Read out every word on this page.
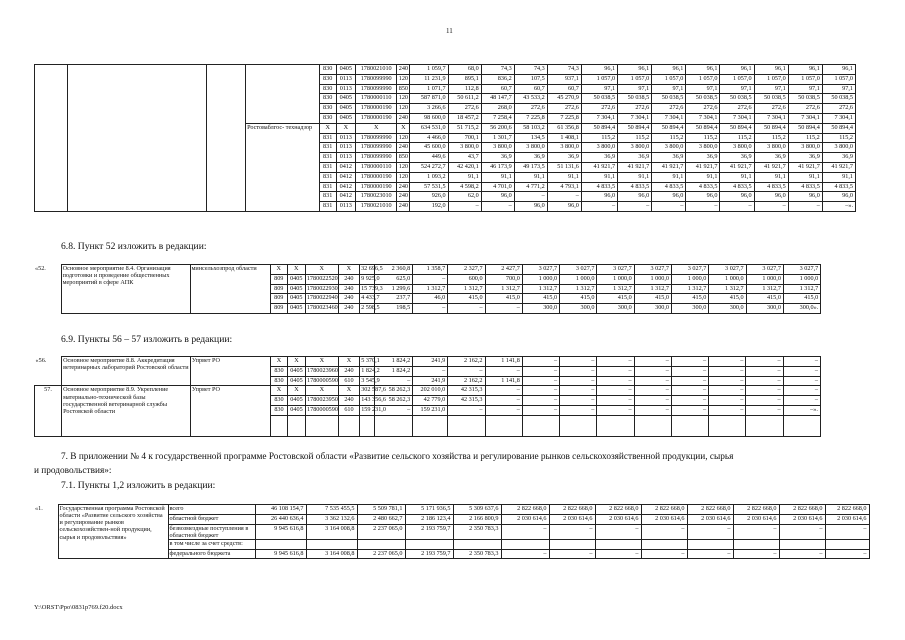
11
				830	0405	1780021010	240	1 059,7	68,0	74,3	74,3	74,3	96,1	96,1	96,1	96,1	96,1	96,1	96,1	96,1
				830	0113	1780099990	120	11 231,9	895,1	836,2	107,5	937,1	1 057,0	1 057,0	1 057,0	1 057,0	1 057,0	1 057,0	1 057,0	1 057,0
				830	0113	1780099990	850	1 071,7	112,8	60,7	60,7	60,7	97,1	97,1	97,1	97,1	97,1	97,1	97,1	97,1
				830	0405	1780000110	120	587 871,0	50 611,2	48 147,7	43 533,2	45 270,9	50 038,5	50 038,5	50 038,5	50 038,5	50 038,5	50 038,5	50 038,5	50 038,5
				830	0405	1780000190	120	3 266,6	272,6	268,0	272,6	272,6	272,6	272,6	272,6	272,6	272,6	272,6	272,6	272,6
				830	0405	1780000190	240	98 600,0	18 457,2	7 258,4	7 225,8	7 225,8	7 304,1	7 304,1	7 304,1	7 304,1	7 304,1	7 304,1	7 304,1	7 304,1
			Ростоваблгос- технадзор	X	X	X	X	634 531,0	51 715,2	56 200,6	58 103,2	61 356,8	50 894,4	50 894,4	50 894,4	50 894,4	50 894,4	50 894,4	50 894,4	50 894,4
				831	0113	1780099990	120	4 466,0	700,1	1 301,7	134,5	1 408,1	115,2	115,2	115,2	115,2	115,2	115,2	115,2	115,2
				831	0113	1780099990	240	45 600,0	3 800,0	3 800,0	3 800,0	3 800,0	3 800,0	3 800,0	3 800,0	3 800,0	3 800,0	3 800,0	3 800,0	3 800,0
				831	0113	1780099990	850	449,6	43,7	36,9	36,9	36,9	36,9	36,9	36,9	36,9	36,9	36,9	36,9	36,9
				831	0412	1780000110	120	524 272,7	42 420,1	46 173,9	49 173,5	51 131,6	41 921,7	41 921,7	41 921,7	41 921,7	41 921,7	41 921,7	41 921,7	41 921,7
				831	0412	1780000190	120	1 093,2	91,1	91,1	91,1	91,1	91,1	91,1	91,1	91,1	91,1	91,1	91,1	91,1
				831	0412	1780000190	240	57 531,5	4 598,2	4 701,0	4 771,2	4 793,1	4 833,5	4 833,5	4 833,5	4 833,5	4 833,5	4 833,5	4 833,5	4 833,5
				831	0412	1780023010	240	926,0	62,0	96,0	–	–	96,0	96,0	96,0	96,0	96,0	96,0	96,0	96,0
				831	0113	1780021010	240	192,0	–	–	96,0	96,0	–	–	–	–	–	–	–	–».
6.8. Пункт 52 изложить в редакции:
«52.	Основное мероприятие 8.4. Организация подготовки и проведение общественных мероприятий в сфере АПК	минсельхозпрод области	X	X	X	X	32 696,5	2 360,8	1 358,7	2 327,7	2 427,7	3 027,7	3 027,7	3 027,7	3 027,7	3 027,7	3 027,7	3 027,7	3 027,7
			809	0405	1780022520	240	9 925,0	625,0	–	600,0	700,0	1 000,0	1 000,0	1 000,0	1 000,0	1 000,0	1 000,0	1 000,0	1 000,0
			809	0405	1780022930	240	15 739,3	1 299,6	1 312,7	1 312,7	1 312,7	1 312,7	1 312,7	1 312,7	1 312,7	1 312,7	1 312,7	1 312,7	1 312,7
			809	0405	1780022940	240	4 433,7	237,7	46,0	415,0	415,0	415,0	415,0	415,0	415,0	415,0	415,0	415,0	415,0
			809	0405	1780023460	240	2 598,5	198,5	–	–	–	300,0	300,0	300,0	300,0	300,0	300,0	300,0	300,0».
6.9. Пункты 56 – 57 изложить в редакции:
«56.	Основное мероприятие 8.8. Аккредитация ветеринарных лабораторий Ростовской области	Упрвет РО	X	X	X	X	5 370,1	1 824,2	241,9	2 162,2	1 141,8	–	–	–	–	–	–	–	–
			830	0405	1780023960	240	1 824,2	1 824,2	–	–	–	–	–	–	–	–	–	–	–
			830	0405	1780000590	610	3 545,9	–	241,9	2 162,2	1 141,8	–	–	–	–	–	–	–	–
57.	Основное мероприятие 8.9. Укрепление материально-технической базы государственной ветеринарной службы Ростовской области	Упрвет РО	X	X	X	X	302 587,6	58 262,3	202 010,0	42 315,3	–	–	–	–	–	–	–	–	–
			830	0405	1780023950	240	143 356,6	58 262,3	42 779,0	42 315,3	–	–	–	–	–	–	–	–	–
			830	0405	1780000590	610	159 231,0	–	159 231,0	–	–	–	–	–	–	–	–	–	–».

7. В приложении № 4 к государственной программе Ростовской области «Развитие сельского хозяйства и регулирование рынков сельскохозяйственной продукции, сырья
и продовольствия»:
7.1. Пункты 1,2 изложить в редакции:
«1.	Государственная программа Ростовской области «Развитие сельского хозяйства и регулирование рынков сельскохозяйствен-ной продукции, сырья и продовольствия»	всего	46 108 154,7	7 535 455,5	5 509 781,1	5 171 936,5	5 309 637,6	2 822 668,0	2 822 668,0	2 822 668,0	2 822 668,0	2 822 668,0	2 822 668,0	2 822 668,0	2 822 668,0
		областной бюджет	26 440 636,4	3 362 132,6	2 480 662,7	2 186 123,4	2 166 800,9	2 030 614,6	2 030 614,6	2 030 614,6	2 030 614,6	2 030 614,6	2 030 614,6	2 030 614,6	2 030 614,6
		безвозмездные поступления в областной бюджет	9 945 616,8	3 164 008,8	2 237 065,0	2 193 759,7	2 350 783,3	–	–	–	–	–	–	–	–
		в том числе за счет средств:													
		федерального бюджета	9 945 616,8	3 164 008,8	2 237 065,0	2 193 759,7	2 350 783,3	–	–	–	–	–	–	–	–
Y:\ORST\Ppo\0831p769.f20.docx
